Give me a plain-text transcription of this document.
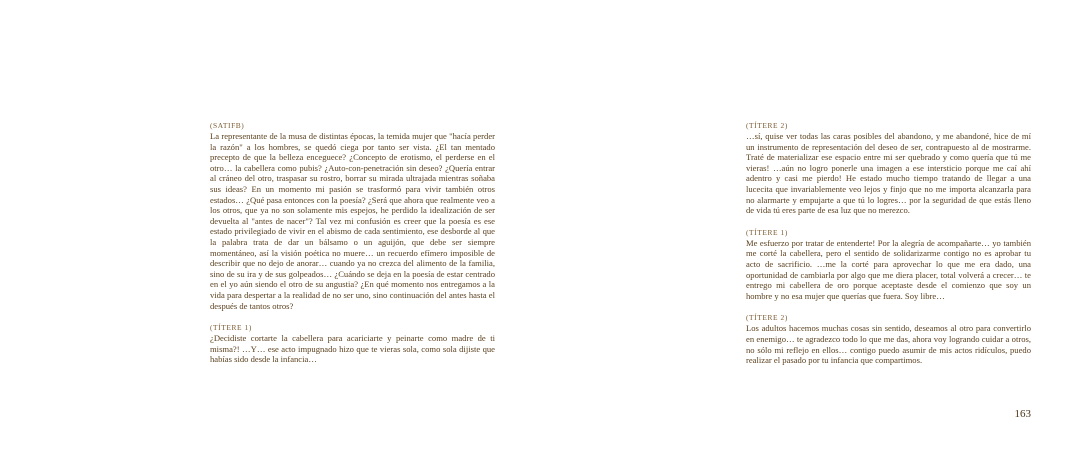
(SATIFB)
La representante de la musa de distintas épocas, la temida mujer que "hacía perder la razón" a los hombres, se quedó ciega por tanto ser vista. ¿El tan mentado precepto de que la belleza enceguece? ¿Concepto de erotismo, el perderse en el otro… la cabellera como pubis? ¿Auto-con-penetración sin deseo? ¿Quería entrar al cráneo del otro, traspasar su rostro, borrar su mirada ultrajada mientras soñaba sus ideas? En un momento mi pasión se trasformó para vivir también otros estados… ¿Qué pasa entonces con la poesía? ¿Será que ahora que realmente veo a los otros, que ya no son solamente mis espejos, he perdido la idealización de ser devuelta al "antes de nacer"? Tal vez mi confusión es creer que la poesía es ese estado privilegiado de vivir en el abismo de cada sentimiento, ese desborde al que la palabra trata de dar un bálsamo o un aguijón, que debe ser siempre momentáneo, así la visión poética no muere… un recuerdo efímero imposible de describir que no dejo de anorar… cuando ya no crezca del alimento de la familia, sino de su ira y de sus golpeados… ¿Cuándo se deja en la poesía de estar centrado en el yo aún siendo el otro de su angustia? ¿En qué momento nos entregamos a la vida para despertar a la realidad de no ser uno, sino continuación del antes hasta el después de tantos otros?
(TÍTERE 1)
¿Decidiste cortarte la cabellera para acariciarte y peinarte como madre de ti misma?! …Y… ese acto impugnado hizo que te vieras sola, como sola dijiste que habías sido desde la infancia…
(TÍTERE 2)
…sí, quise ver todas las caras posibles del abandono, y me abandoné, hice de mí un instrumento de representación del deseo de ser, contrapuesto al de mostrarme. Traté de materializar ese espacio entre mi ser quebrado y como quería que tú me vieras! …aún no logro ponerle una imagen a ese intersticio porque me caí ahí adentro y casi me pierdo! He estado mucho tiempo tratando de llegar a una lucecita que invariablemente veo lejos y finjo que no me importa alcanzarla para no alarmarte y empujarte a que tú lo logres… por la seguridad de que estás lleno de vida tú eres parte de esa luz que no merezco.
(TÍTERE 1)
Me esfuerzo por tratar de entenderte! Por la alegría de acompañarte… yo también me corté la cabellera, pero el sentido de solidarizarme contigo no es aprobar tu acto de sacrificio. …me la corté para aprovechar lo que me era dado, una oportunidad de cambiarla por algo que me diera placer, total volverá a crecer… te entrego mi cabellera de oro porque aceptaste desde el comienzo que soy un hombre y no esa mujer que querías que fuera. Soy libre…
(TÍTERE 2)
Los adultos hacemos muchas cosas sin sentido, deseamos al otro para convertirlo en enemigo… te agradezco todo lo que me das, ahora voy logrando cuidar a otros, no sólo mi reflejo en ellos… contigo puedo asumir de mis actos ridículos, puedo realizar el pasado por tu infancia que compartimos.
163
